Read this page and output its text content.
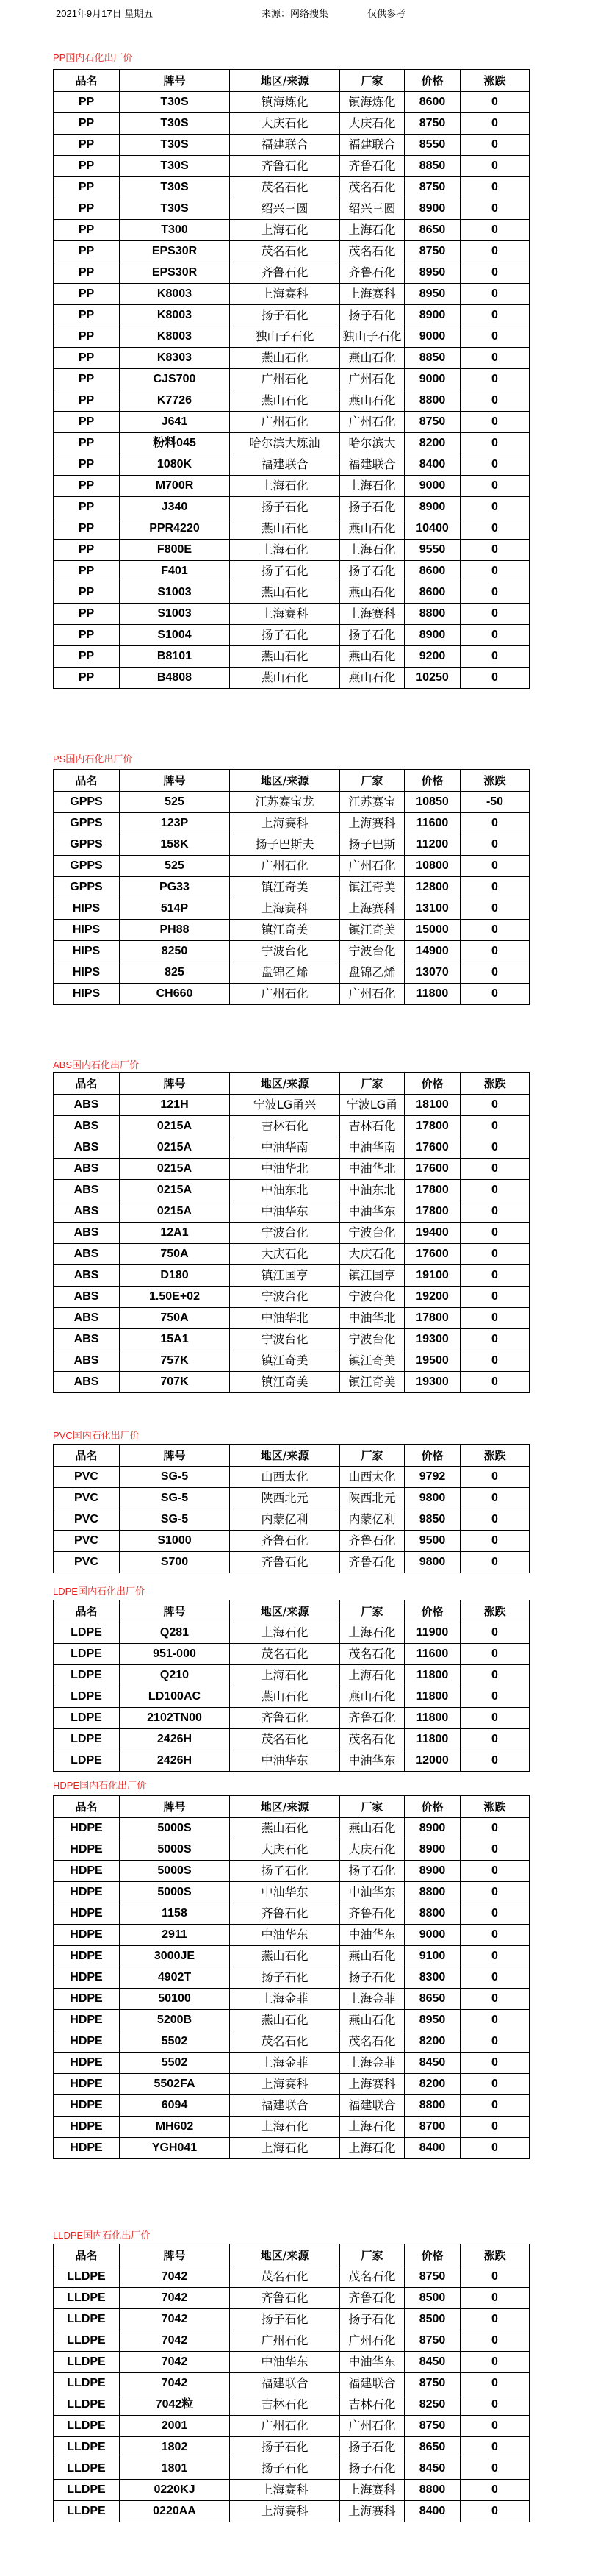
2021年9月17日 星期五	来源：网络搜集	仅供参考
PP国内石化出厂价
品名	牌号	地区/来源	厂家	价格	涨跌
PP	T30S	镇海炼化	镇海炼化	8600	0
PP	T30S	大庆石化	大庆石化	8750	0
PP	T30S	福建联合	福建联合	8550	0
PP	T30S	齐鲁石化	齐鲁石化	8850	0
PP	T30S	茂名石化	茂名石化	8750	0
PP	T30S	绍兴三圆	绍兴三圆	8900	0
PP	T300	上海石化	上海石化	8650	0
PP	EPS30R	茂名石化	茂名石化	8750	0
PP	EPS30R	齐鲁石化	齐鲁石化	8950	0
PP	K8003	上海赛科	上海赛科	8950	0
PP	K8003	扬子石化	扬子石化	8900	0
PP	K8003	独山子石化	独山子石化	9000	0
PP	K8303	燕山石化	燕山石化	8850	0
PP	CJS700	广州石化	广州石化	9000	0
PP	K7726	燕山石化	燕山石化	8800	0
PP	J641	广州石化	广州石化	8750	0
PP	粉料045	哈尔滨大炼油	哈尔滨大	8200	0
PP	1080K	福建联合	福建联合	8400	0
PP	M700R	上海石化	上海石化	9000	0
PP	J340	扬子石化	扬子石化	8900	0
PP	PPR4220	燕山石化	燕山石化	10400	0
PP	F800E	上海石化	上海石化	9550	0
PP	F401	扬子石化	扬子石化	8600	0
PP	S1003	燕山石化	燕山石化	8600	0
PP	S1003	上海赛科	上海赛科	8800	0
PP	S1004	扬子石化	扬子石化	8900	0
PP	B8101	燕山石化	燕山石化	9200	0
PP	B4808	燕山石化	燕山石化	10250	0
PS国内石化出厂价
品名	牌号	地区/来源	厂家	价格	涨跌
GPPS	525	江苏赛宝龙	江苏赛宝	10850	-50
GPPS	123P	上海赛科	上海赛科	11600	0
GPPS	158K	扬子巴斯夫	扬子巴斯	11200	0
GPPS	525	广州石化	广州石化	10800	0
GPPS	PG33	镇江奇美	镇江奇美	12800	0
HIPS	514P	上海赛科	上海赛科	13100	0
HIPS	PH88	镇江奇美	镇江奇美	15000	0
HIPS	8250	宁波台化	宁波台化	14900	0
HIPS	825	盘锦乙烯	盘锦乙烯	13070	0
HIPS	CH660	广州石化	广州石化	11800	0
ABS国内石化出厂价
品名	牌号	地区/来源	厂家	价格	涨跌
ABS	121H	宁波LG甬兴	宁波LG甬	18100	0
ABS	0215A	吉林石化	吉林石化	17800	0
ABS	0215A	中油华南	中油华南	17600	0
ABS	0215A	中油华北	中油华北	17600	0
ABS	0215A	中油东北	中油东北	17800	0
ABS	0215A	中油华东	中油华东	17800	0
ABS	12A1	宁波台化	宁波台化	19400	0
ABS	750A	大庆石化	大庆石化	17600	0
ABS	D180	镇江国亨	镇江国亨	19100	0
ABS	1.50E+02	宁波台化	宁波台化	19200	0
ABS	750A	中油华北	中油华北	17800	0
ABS	15A1	宁波台化	宁波台化	19300	0
ABS	757K	镇江奇美	镇江奇美	19500	0
ABS	707K	镇江奇美	镇江奇美	19300	0
PVC国内石化出厂价
品名	牌号	地区/来源	厂家	价格	涨跌
PVC	SG-5	山西太化	山西太化	9792	0
PVC	SG-5	陕西北元	陕西北元	9800	0
PVC	SG-5	内蒙亿利	内蒙亿利	9850	0
PVC	S1000	齐鲁石化	齐鲁石化	9500	0
PVC	S700	齐鲁石化	齐鲁石化	9800	0
LDPE国内石化出厂价
品名	牌号	地区/来源	厂家	价格	涨跌
LDPE	Q281	上海石化	上海石化	11900	0
LDPE	951-000	茂名石化	茂名石化	11600	0
LDPE	Q210	上海石化	上海石化	11800	0
LDPE	LD100AC	燕山石化	燕山石化	11800	0
LDPE	2102TN00	齐鲁石化	齐鲁石化	11800	0
LDPE	2426H	茂名石化	茂名石化	11800	0
LDPE	2426H	中油华东	中油华东	12000	0
HDPE国内石化出厂价
品名	牌号	地区/来源	厂家	价格	涨跌
HDPE	5000S	燕山石化	燕山石化	8900	0
HDPE	5000S	大庆石化	大庆石化	8900	0
HDPE	5000S	扬子石化	扬子石化	8900	0
HDPE	5000S	中油华东	中油华东	8800	0
HDPE	1158	齐鲁石化	齐鲁石化	8800	0
HDPE	2911	中油华东	中油华东	9000	0
HDPE	3000JE	燕山石化	燕山石化	9100	0
HDPE	4902T	扬子石化	扬子石化	8300	0
HDPE	50100	上海金菲	上海金菲	8650	0
HDPE	5200B	燕山石化	燕山石化	8950	0
HDPE	5502	茂名石化	茂名石化	8200	0
HDPE	5502	上海金菲	上海金菲	8450	0
HDPE	5502FA	上海赛科	上海赛科	8200	0
HDPE	6094	福建联合	福建联合	8800	0
HDPE	MH602	上海石化	上海石化	8700	0
HDPE	YGH041	上海石化	上海石化	8400	0
LLDPE国内石化出厂价
品名	牌号	地区/来源	厂家	价格	涨跌
LLDPE	7042	茂名石化	茂名石化	8750	0
LLDPE	7042	齐鲁石化	齐鲁石化	8500	0
LLDPE	7042	扬子石化	扬子石化	8500	0
LLDPE	7042	广州石化	广州石化	8750	0
LLDPE	7042	中油华东	中油华东	8450	0
LLDPE	7042	福建联合	福建联合	8750	0
LLDPE	7042粒	吉林石化	吉林石化	8250	0
LLDPE	2001	广州石化	广州石化	8750	0
LLDPE	1802	扬子石化	扬子石化	8650	0
LLDPE	1801	扬子石化	扬子石化	8450	0
LLDPE	0220KJ	上海赛科	上海赛科	8800	0
LLDPE	0220AA	上海赛科	上海赛科	8400	0
